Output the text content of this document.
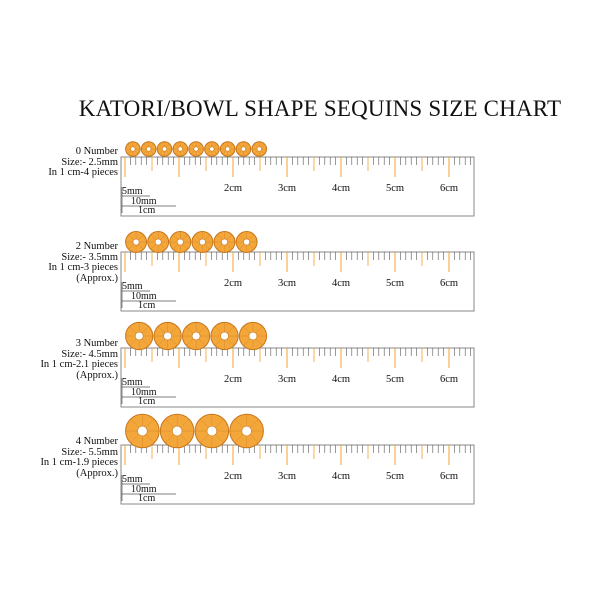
KATORI/BOWL SHAPE SEQUINS SIZE CHART
0 Number
Size:- 2.5mm
In 1 cm-4 pieces
2 Number
Size:- 3.5mm
In 1 cm-3 pieces
(Approx.)
3 Number
Size:- 4.5mm
In 1 cm-2.1 pieces
(Approx.)
4 Number
Size:- 5.5mm
In 1 cm-1.9 pieces
(Approx.)
2cm	3cm	4cm	5cm	6cm
5mm
10mm
1cm
2cm	3cm	4cm	5cm	6cm
5mm
10mm
1cm
2cm	3cm	4cm	5cm	6cm
5mm
10mm
1cm
2cm	3cm	4cm	5cm	6cm
5mm
10mm
1cm
